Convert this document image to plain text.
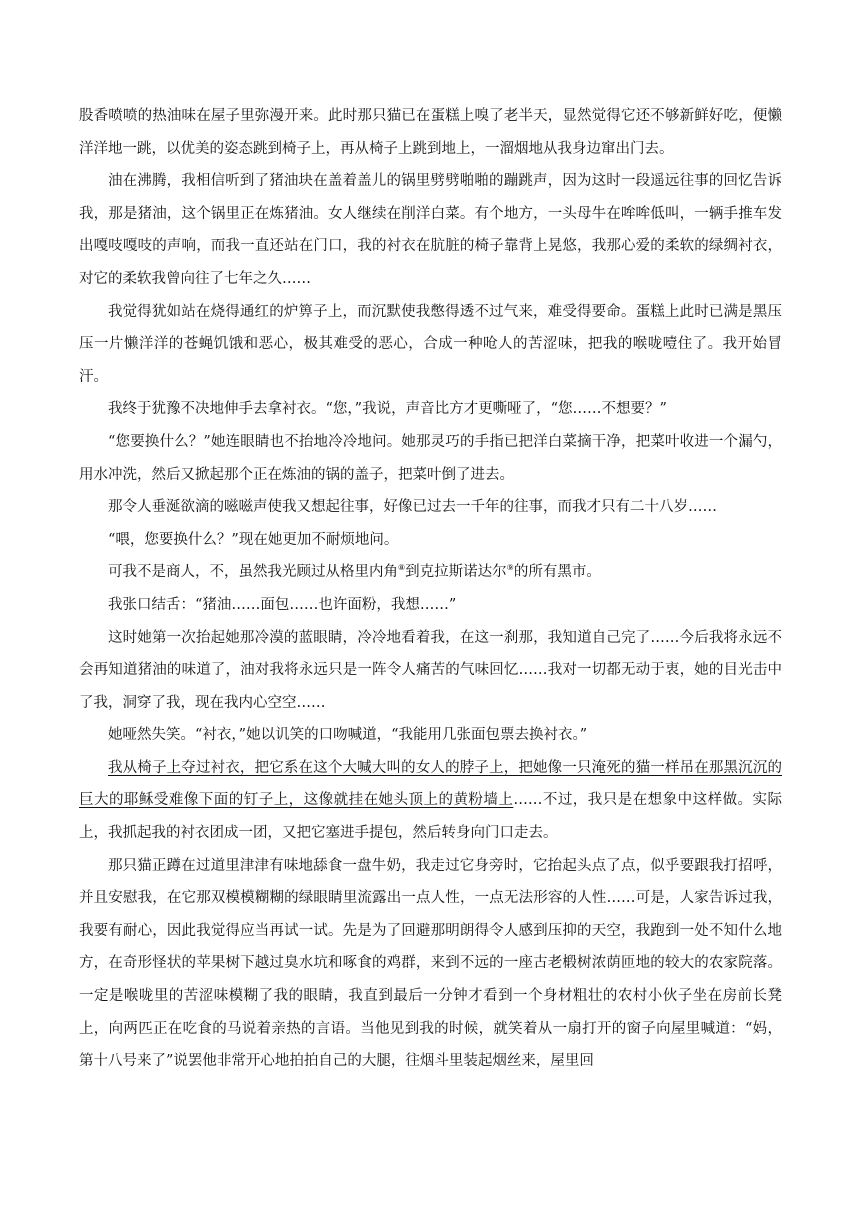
股香喷喷的热油味在屋子里弥漫开来。此时那只猫已在蛋糕上嗅了老半天，显然觉得它还不够新鲜好吃，便懒洋洋地一跳，以优美的姿态跳到椅子上，再从椅子上跳到地上，一溜烟地从我身边窜出门去。

油在沸腾，我相信听到了猪油块在盖着盖儿的锅里劈劈啪啪的蹦跳声，因为这时一段遥远往事的回忆告诉我，那是猪油，这个锅里正在炼猪油。女人继续在削洋白菜。有个地方，一头母牛在哞哞低叫，一辆手推车发出嘎吱嘎吱的声响，而我一直还站在门口，我的衬衣在肮脏的椅子靠背上晃悠，我那心爱的柔软的绿绸衬衣，对它的柔软我曾向往了七年之久……

我觉得犹如站在烧得通红的炉箅子上，而沉默使我憋得透不过气来，难受得要命。蛋糕上此时已满是黑压压一片懒洋洋的苍蝇饥饿和恶心，极其难受的恶心，合成一种呛人的苦涩味，把我的喉咙噎住了。我开始冒汗。

我终于犹豫不决地伸手去拿衬衣。“您，”我说，声音比方才更嘶哑了，“您……不想要？”

“您要换什么？”她连眼睛也不抬地冷冷地问。她那灵巧的手指已把洋白菜摘干净，把菜叶收进一个漏勺，用水冲洗，然后又掀起那个正在炼油的锅的盖子，把菜叶倒了进去。

那令人垂涎欲滴的嗞嗞声使我又想起往事，好像已过去一千年的往事，而我才只有二十八岁……

“喂，您要换什么？”现在她更加不耐烦地问。

可我不是商人，不，虽然我光顾过从格里内角⑧到克拉斯诺达尔⑨的所有黑市。

我张口结舌：“猪油……面包……也许面粉，我想……”

这时她第一次抬起她那冷漠的蓝眼睛，冷冷地看着我，在这一刹那，我知道自己完了……今后我将永远不会再知道猪油的味道了，油对我将永远只是一阵令人痛苦的气味回忆……我对一切都无动于衷，她的目光击中了我，洞穿了我，现在我内心空空……

她哑然失笑。“衬衣，”她以讥笑的口吻喊道，“我能用几张面包票去换衬衣。”

我从椅子上夺过衬衣，把它系在这个大喊大叫的女人的脖子上，把她像一只淹死的猫一样吊在那黑沉沉的巨大的耶稣受难像下面的钉子上，这像就挂在她头顶上的黄粉墙上……不过，我只是在想象中这样做。实际上，我抓起我的衬衣团成一团，又把它塞进手提包，然后转身向门口走去。

那只猫正蹲在过道里津津有味地舔食一盘牛奶，我走过它身旁时，它抬起头点了点，似乎要跟我打招呼，并且安慰我，在它那双模模糊糊的绿眼睛里流露出一点人性，一点无法形容的人性……可是，人家告诉过我，我要有耐心，因此我觉得应当再试一试。先是为了回避那明朗得令人感到压抑的天空，我跑到一处不知什么地方，在奇形怪状的苹果树下越过臭水坑和啄食的鸡群，来到不远的一座古老椴树浓荫匝地的较大的农家院落。一定是喉咙里的苦涩味模糊了我的眼睛，我直到最后一分钟才看到一个身材粗壮的农村小伙子坐在房前长凳上，向两匹正在吃食的马说着亲热的言语。当他见到我的时候，就笑着从一扇打开的窗子向屋里喊道：“妈，第十八号来了”说罢他非常开心地拍拍自己的大腿，往烟斗里装起烟丝来，屋里回
